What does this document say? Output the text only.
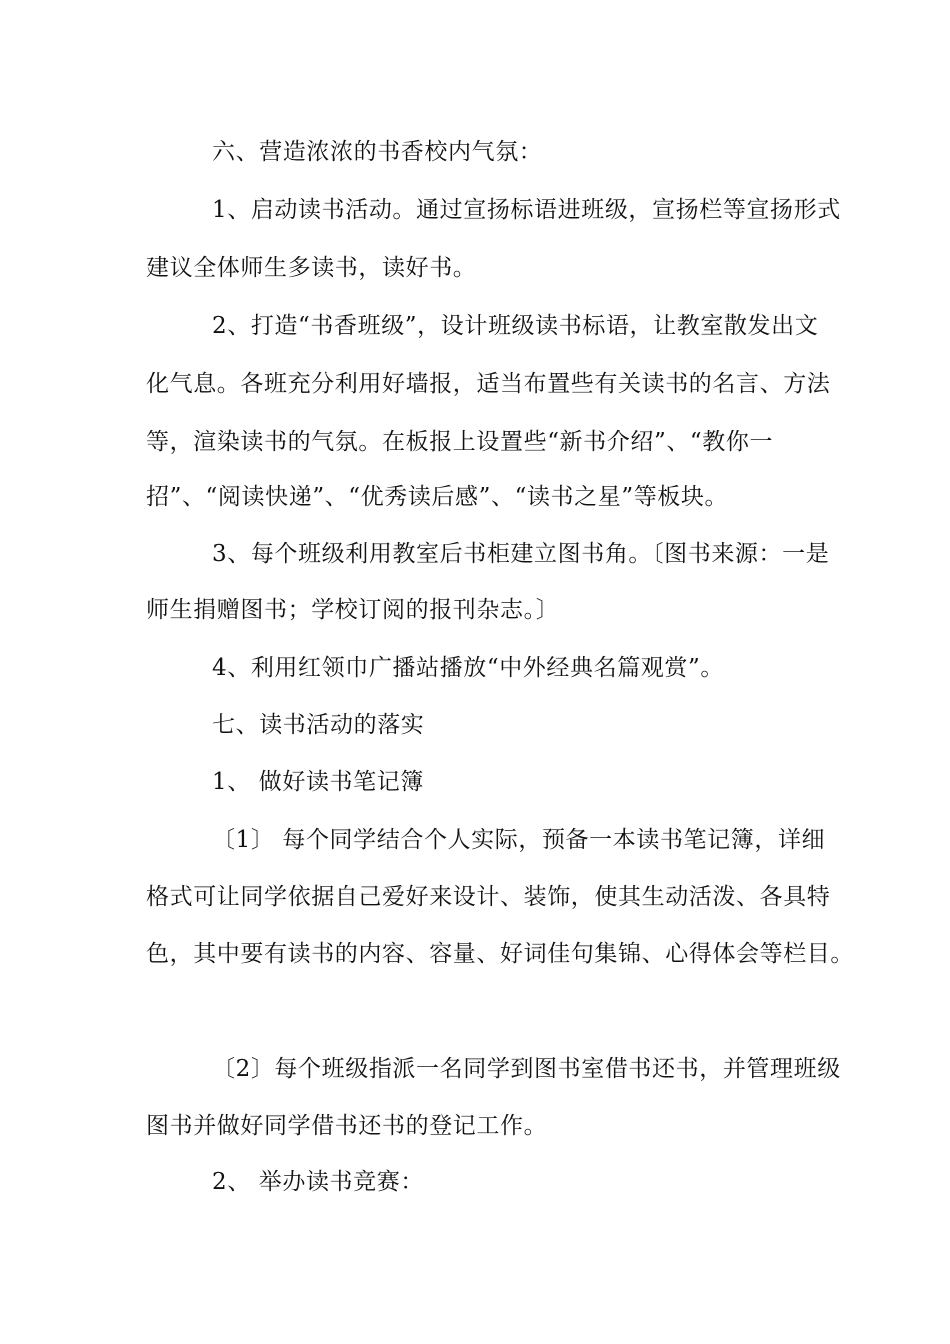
六、营造浓浓的书香校内气氛：
1、启动读书活动。通过宣扬标语进班级，宣扬栏等宣扬形式
建议全体师生多读书，读好书。
2、打造“书香班级”，设计班级读书标语，让教室散发出文
化气息。各班充分利用好墙报，适当布置些有关读书的名言、方法
等，渲染读书的气氛。在板报上设置些“新书介绍”、“教你一
招”、“阅读快递”、“优秀读后感”、“读书之星”等板块。
3、每个班级利用教室后书柜建立图书角。〔图书来源：一是
师生捐赠图书；学校订阅的报刊杂志。〕
4、利用红领巾广播站播放“中外经典名篇观赏”。
七、读书活动的落实
1、 做好读书笔记簿
〔1〕 每个同学结合个人实际，预备一本读书笔记簿，详细
格式可让同学依据自己爱好来设计、装饰，使其生动活泼、各具特
色，其中要有读书的内容、容量、好词佳句集锦、心得体会等栏目。
〔2〕每个班级指派一名同学到图书室借书还书，并管理班级
图书并做好同学借书还书的登记工作。
2、 举办读书竞赛：
